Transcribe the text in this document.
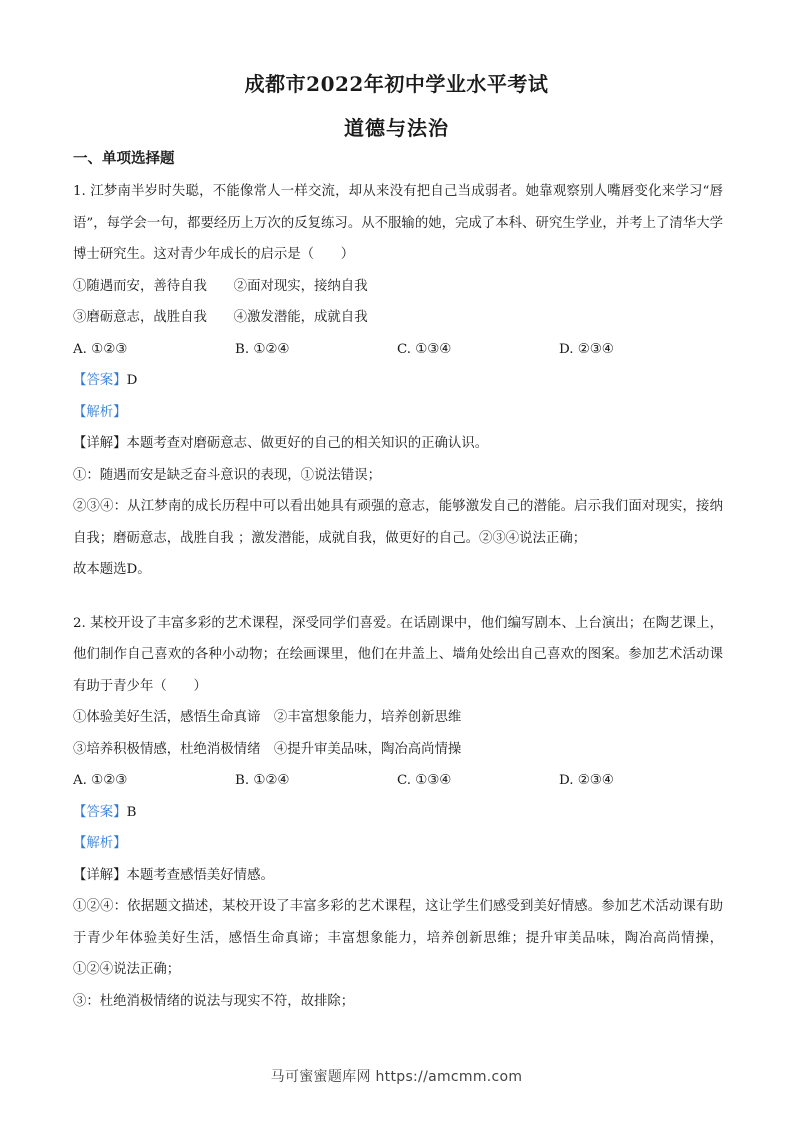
成都市2022年初中学业水平考试
道德与法治
一、单项选择题

1. 江梦南半岁时失聪，不能像常人一样交流，却从来没有把自己当成弱者。她靠观察别人嘴唇变化来学习“唇语”，每学会一句，都要经历上万次的反复练习。从不服输的她，完成了本科、研究生学业，并考上了清华大学博士研究生。这对青少年成长的启示是（　　）

①随遇而安，善待自我　　②面对现实，接纳自我

③磨砺意志，战胜自我　　④激发潜能，成就自我

A. ①②③	B. ①②④	C. ①③④	D. ②③④

【答案】D

【解析】

【详解】本题考查对磨砺意志、做更好的自己的相关知识的正确认识。

①：随遇而安是缺乏奋斗意识的表现，①说法错误；

②③④：从江梦南的成长历程中可以看出她具有顽强的意志，能够激发自己的潜能。启示我们面对现实，接纳自我；磨砺意志，战胜自我 ；激发潜能，成就自我，做更好的自己。②③④说法正确；

故本题选D。

2. 某校开设了丰富多彩的艺术课程，深受同学们喜爱。在话剧课中，他们编写剧本、上台演出；在陶艺课上，他们制作自己喜欢的各种小动物；在绘画课里，他们在井盖上、墙角处绘出自己喜欢的图案。参加艺术活动课有助于青少年（　　）

①体验美好生活，感悟生命真谛　②丰富想象能力，培养创新思维

③培养积极情感，杜绝消极情绪　④提升审美品味，陶冶高尚情操

A. ①②③	B. ①②④	C. ①③④	D. ②③④

【答案】B

【解析】

【详解】本题考查感悟美好情感。

①②④：依据题文描述，某校开设了丰富多彩的艺术课程，这让学生们感受到美好情感。参加艺术活动课有助于青少年体验美好生活，感悟生命真谛；丰富想象能力，培养创新思维；提升审美品味，陶冶高尚情操，①②④说法正确；

③：杜绝消极情绪的说法与现实不符，故排除；

马可蜜蜜题库网 https://amcmm.com
